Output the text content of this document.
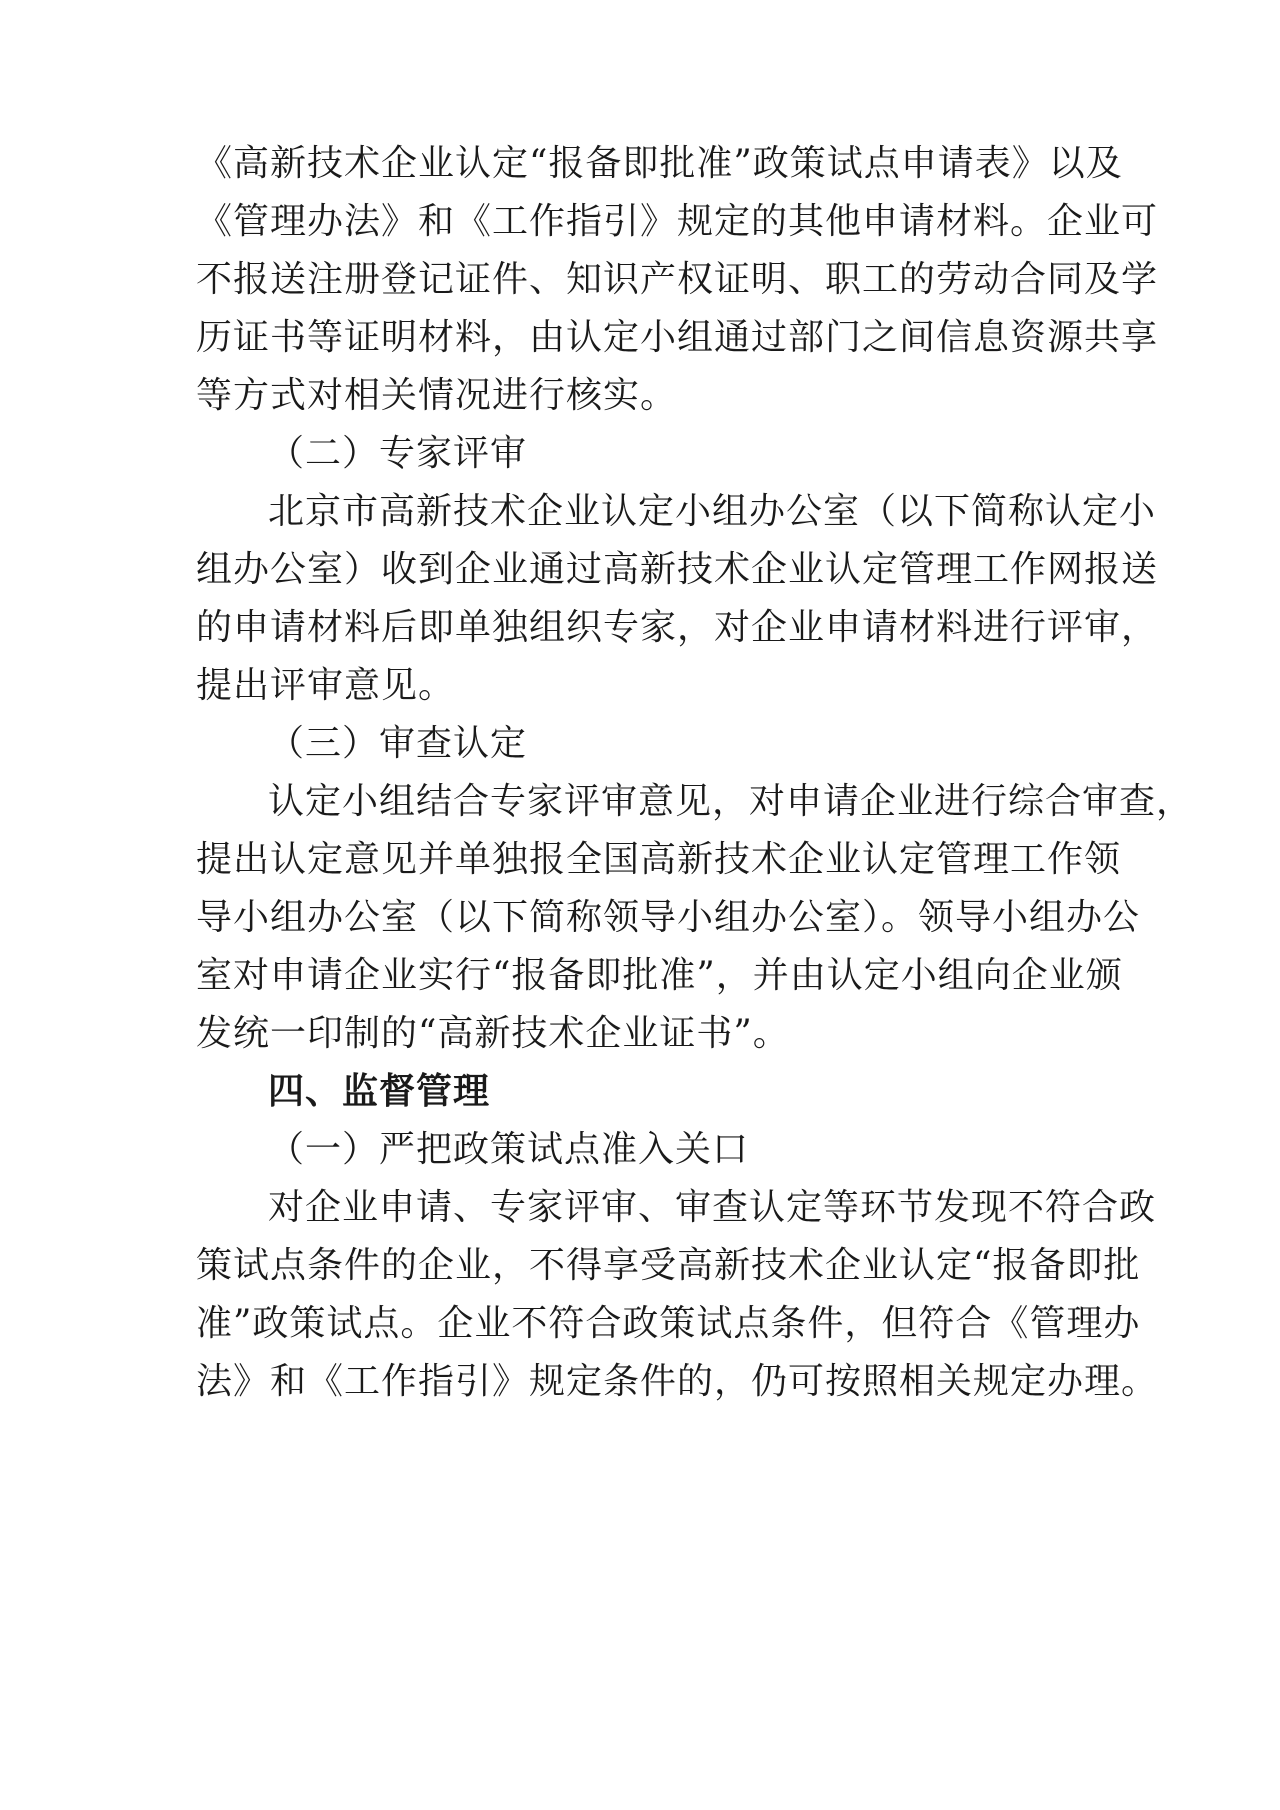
《高新技术企业认定“报备即批准”政策试点申请表》以及
《管理办法》和《工作指引》规定的其他申请材料。企业可
不报送注册登记证件、知识产权证明、职工的劳动合同及学
历证书等证明材料，由认定小组通过部门之间信息资源共享
等方式对相关情况进行核实。
（二）专家评审
北京市高新技术企业认定小组办公室（以下简称认定小
组办公室）收到企业通过高新技术企业认定管理工作网报送
的申请材料后即单独组织专家，对企业申请材料进行评审，
提出评审意见。
（三）审查认定
认定小组结合专家评审意见，对申请企业进行综合审查，
提出认定意见并单独报全国高新技术企业认定管理工作领
导小组办公室（以下简称领导小组办公室）。领导小组办公
室对申请企业实行“报备即批准”，并由认定小组向企业颁
发统一印制的“高新技术企业证书”。
四、监督管理
（一）严把政策试点准入关口
对企业申请、专家评审、审查认定等环节发现不符合政
策试点条件的企业，不得享受高新技术企业认定“报备即批
准”政策试点。企业不符合政策试点条件，但符合《管理办
法》和《工作指引》规定条件的，仍可按照相关规定办理。
